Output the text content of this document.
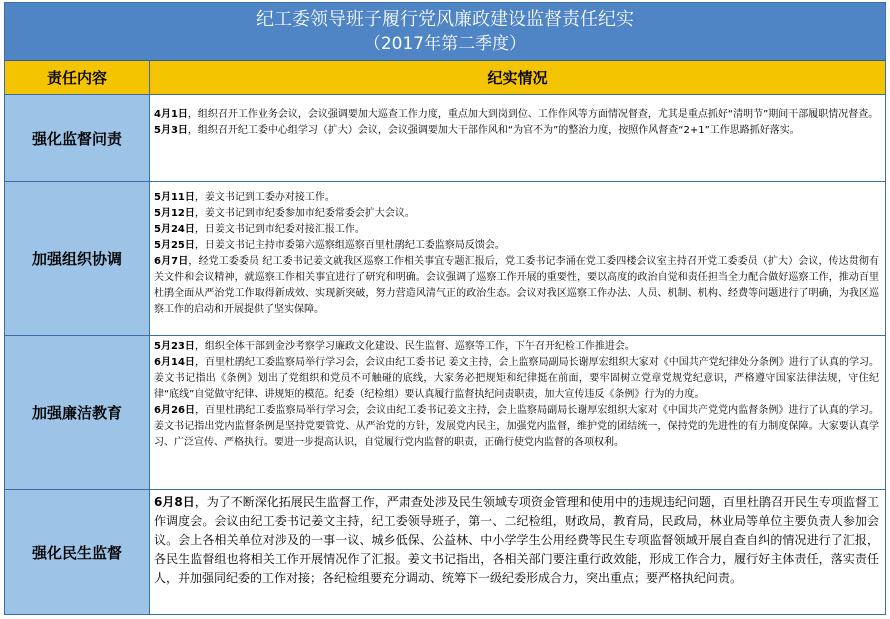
纪工委领导班子履行党风廉政建设监督责任纪实
（2017年第二季度）
责任内容	纪实情况
强化监督问责
4月1日，组织召开工作业务会议，会议强调要加大巡查工作力度，重点加大到岗到位、工作作风等方面情况督查，尤其是重点抓好“清明节”期间干部履职情况督查。
5月3日，组织召开纪工委中心组学习（扩大）会议，会议强调要加大干部作风和“为官不为”的整治力度，按照作风督查“2+1”工作思路抓好落实。
加强组织协调
5月11日，姜文书记到工委办对接工作。
5月12日，姜文书记到市纪委参加市纪委常委会扩大会议。
5月24日，日姜文书记到市纪委对接汇报工作。
5月25日，日姜文书记主持市委第六巡察组巡察百里杜鹃纪工委监察局反馈会。
6月7日，经党工委委员 纪工委书记姜文就我区巡察工作相关事宜专题汇报后，党工委书记李涌在党工委四楼会议室主持召开党工委委员（扩大）会议，传达贯彻有关文件和会议精神，就巡察工作相关事宜进行了研究和明确。会议强调了巡察工作开展的重要性，要以高度的政治自觉和责任担当全力配合做好巡察工作，推动百里杜鹃全面从严治党工作取得新成效、实现新突破，努力营造风清气正的政治生态。会议对我区巡察工作办法、人员、机制、机构、经费等问题进行了明确，为我区巡察工作的启动和开展提供了坚实保障。
加强廉洁教育
5月23日，组织全体干部到金沙考察学习廉政文化建设、民生监督、巡察等工作，下午召开纪检工作推进会。
6月14日，百里杜鹃纪工委监察局举行学习会，会议由纪工委书记 姜文主持，会上监察局副局长谢厚宏组织大家对《中国共产党纪律处分条例》进行了认真的学习。姜文书记指出《条例》划出了党组织和党员不可触碰的底线，大家务必把规矩和纪律挺在前面，要牢固树立党章党规党纪意识，严格遵守国家法律法规，守住纪律“底线”自觉做守纪律、讲规矩的模范。纪委（纪检组）要认真履行监督执纪问责职责，加大宣传违反《条例》行为的力度。
6月26日，百里杜鹃纪工委监察局举行学习会，会议由纪工委书记姜文主持，会上监察局副局长谢厚宏组织大家对《中国共产党党内监督条例》进行了认真的学习。 姜文书记指出党内监督条例是坚持党要管党、从严治党的方针，发展党内民主，加强党内监督，维护党的团结统一，保持党的先进性的有力制度保障。大家要认真学习、广泛宣传、严格执行。要进一步提高认识，自觉履行党内监督的职责，正确行使党内监督的各项权利。
强化民生监督
6月8日，为了不断深化拓展民生监督工作，严肃查处涉及民生领域专项资金管理和使用中的违规违纪问题，百里杜鹃召开民生专项监督工作调度会。会议由纪工委书记姜文主持，纪工委领导班子，第一、二纪检组，财政局，教育局，民政局，林业局等单位主要负责人参加会议。会上各相关单位对涉及的一事一议、城乡低保、公益林、中小学学生公用经费等民生专项监督领域开展自查自纠的情况进行了汇报，各民生监督组也将相关工作开展情况作了汇报。姜文书记指出，各相关部门要注重行政效能，形成工作合力，履行好主体责任，落实责任人，并加强同纪委的工作对接；各纪检组要充分调动、统筹下一级纪委形成合力，突出重点；要严格执纪问责。
